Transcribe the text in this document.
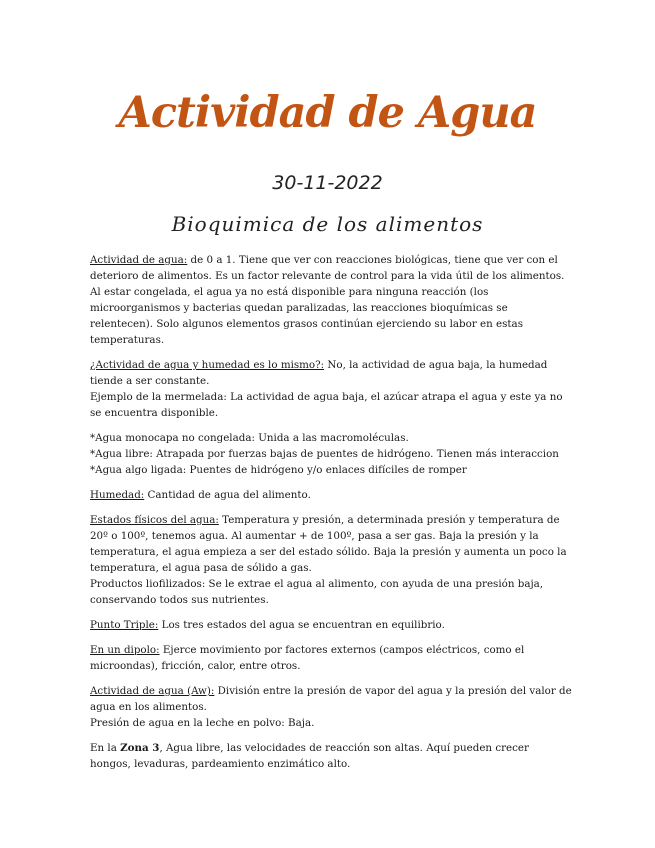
Actividad de Agua
30-11-2022
Bioquimica de los alimentos

Actividad de agua: de 0 a 1. Tiene que ver con reacciones biológicas, tiene que ver con el deterioro de alimentos. Es un factor relevante de control para la vida útil de los alimentos. Al estar congelada, el agua ya no está disponible para ninguna reacción (los microorganismos y bacterias quedan paralizadas, las reacciones bioquímicas se relentecen). Solo algunos elementos grasos continúan ejerciendo su labor en estas temperaturas.

¿Actividad de agua y humedad es lo mismo?: No, la actividad de agua baja, la humedad tiende a ser constante.
Ejemplo de la mermelada: La actividad de agua baja, el azúcar atrapa el agua y este ya no se encuentra disponible.

*Agua monocapa no congelada: Unida a las macromoléculas.
*Agua libre: Atrapada por fuerzas bajas de puentes de hidrógeno. Tienen más interaccion
*Agua algo ligada: Puentes de hidrógeno y/o enlaces difíciles de romper

Humedad: Cantidad de agua del alimento.

Estados físicos del agua: Temperatura y presión, a determinada presión y temperatura de 20º o 100º, tenemos agua. Al aumentar + de 100º, pasa a ser gas. Baja la presión y la temperatura, el agua empieza a ser del estado sólido. Baja la presión y aumenta un poco la temperatura, el agua pasa de sólido a gas.
Productos liofilizados: Se le extrae el agua al alimento, con ayuda de una presión baja, conservando todos sus nutrientes.

Punto Triple: Los tres estados del agua se encuentran en equilibrio.

En un dipolo: Ejerce movimiento por factores externos (campos eléctricos, como el microondas), fricción, calor, entre otros.

Actividad de agua (Aw): División entre la presión de vapor del agua y la presión del valor de agua en los alimentos.
Presión de agua en la leche en polvo: Baja.

En la Zona 3, Agua libre, las velocidades de reacción son altas. Aquí pueden crecer hongos, levaduras, pardeamiento enzimático alto.
